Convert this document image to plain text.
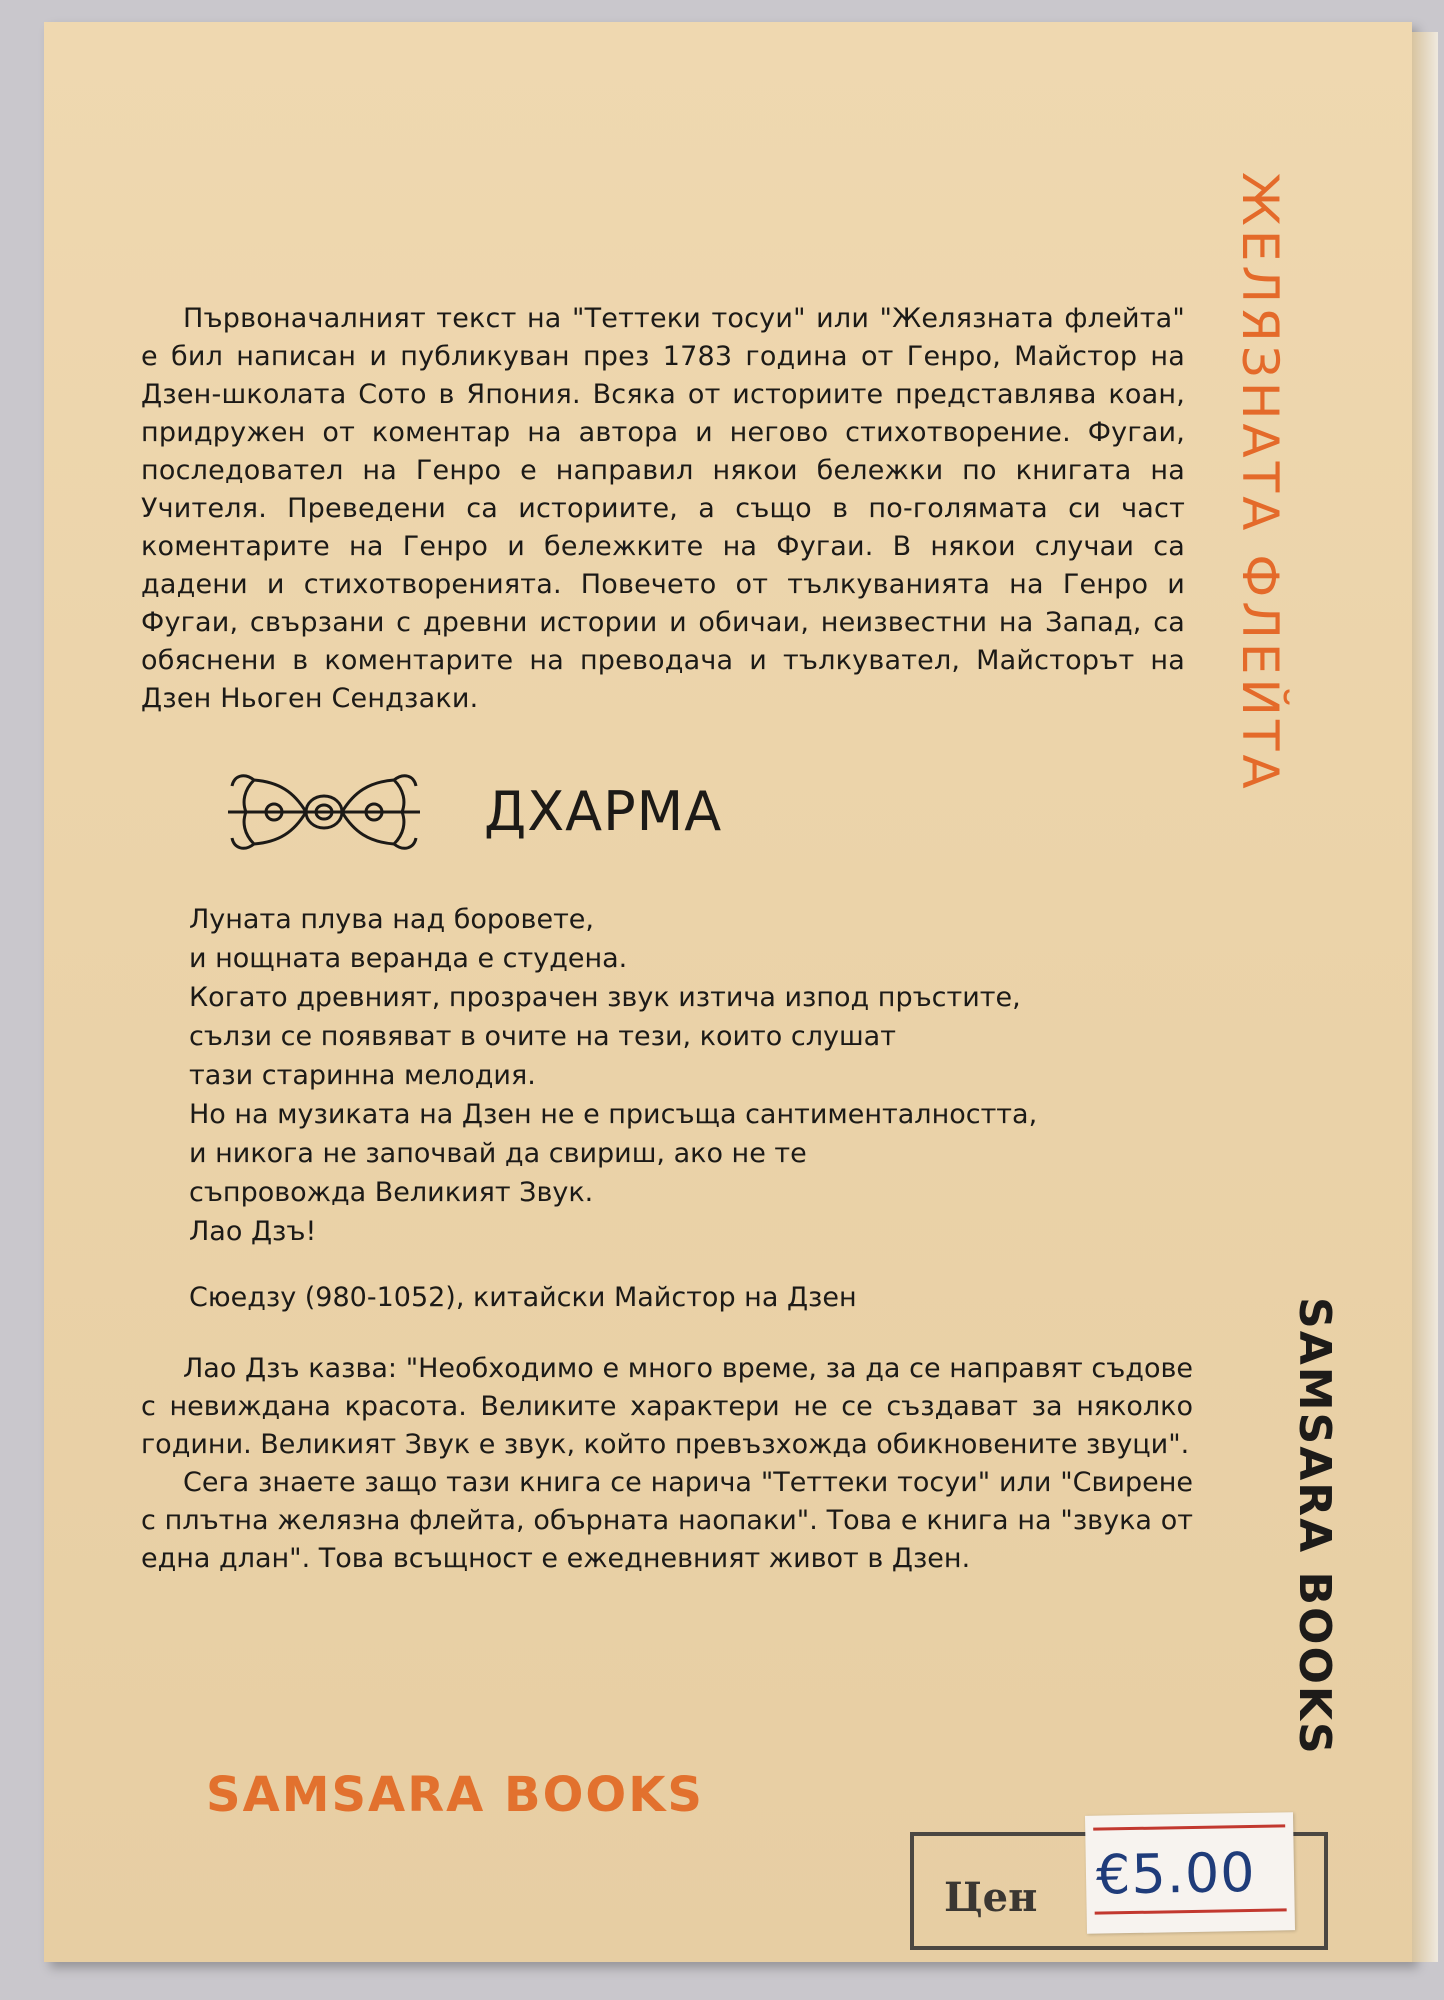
ЖЕЛЯЗНАТА ФЛЕЙТА
Първоначалният текст на "Теттеки тосуи" или "Желязната флейта" е бил написан и публикуван през 1783 година от Генро, Майстор на Дзен-школата Сото в Япония. Всяка от историите представлява коан, придружен от коментар на автора и негово стихотворение. Фугаи, последовател на Генро е направил някои бележки по книгата на Учителя. Преведени са историите, а също в по-голямата си част коментарите на Генро и бележките на Фугаи. В някои случаи са дадени и стихотворенията. Повечето от тълкуванията на Генро и Фугаи, свързани с древни истории и обичаи, неизвестни на Запад, са обяснени в коментарите на преводача и тълкувател, Майсторът на Дзен Ньоген Сендзаки.
ДХАРМА
Луната плува над боровете,
и нощната веранда е студена.
Когато древният, прозрачен звук изтича изпод пръстите,
сълзи се появяват в очите на тези, които слушат
тази старинна мелодия.
Но на музиката на Дзен не е присъща сантименталността,
и никога не започвай да свириш, ако не те
съпровожда Великият Звук.
Лао Дзъ!
Сюедзу (980-1052), китайски Майстор на Дзен

Лао Дзъ казва: "Необходимо е много време, за да се направят съдове с невиждана красота. Великите характери не се създават за няколко години. Великият Звук е звук, който превъзхожда обикновените звуци".

Сега знаете защо тази книга се нарича "Теттеки тосуи" или "Свирене с плътна желязна флейта, обърната наопаки". Това е книга на "звука от една длан". Това всъщност е ежедневният живот в Дзен.

SAMSARA BOOKS
SAMSARA BOOKS
Цен €5.00
